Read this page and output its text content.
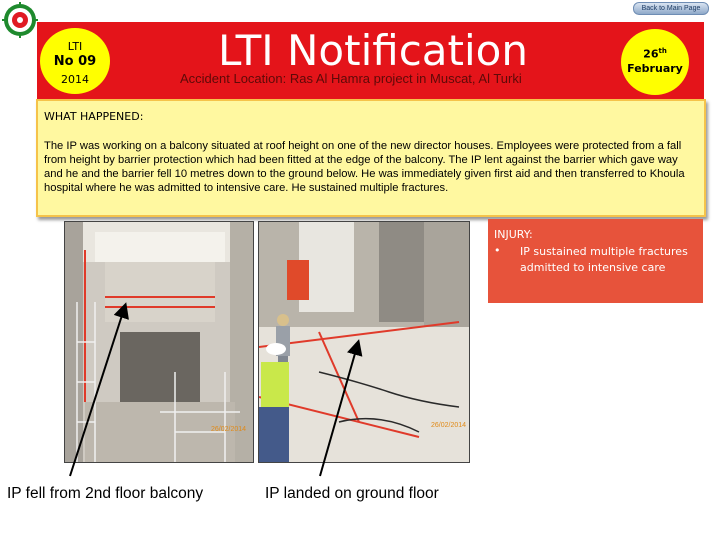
Back to Main Page
LTI
No 09
2014
LTI Notification
Accident Location: Ras Al Hamra project in Muscat, Al Turki
26th
February
WHAT HAPPENED:
The IP was working on a balcony situated at roof height on one of the new director houses. Employees were protected from a fall from height by barrier protection which had been fitted at the edge of the balcony. The IP lent against the barrier which gave way and he and the barrier fell 10 metres down to the ground below. He was immediately given first aid and then transferred to Khoula hospital where he was admitted to intensive care. He sustained multiple fractures.
26/02/2014
26/02/2014
INJURY:
• IP sustained multiple fractures admitted to intensive care
IP fell from 2nd floor balcony	IP landed on ground floor
